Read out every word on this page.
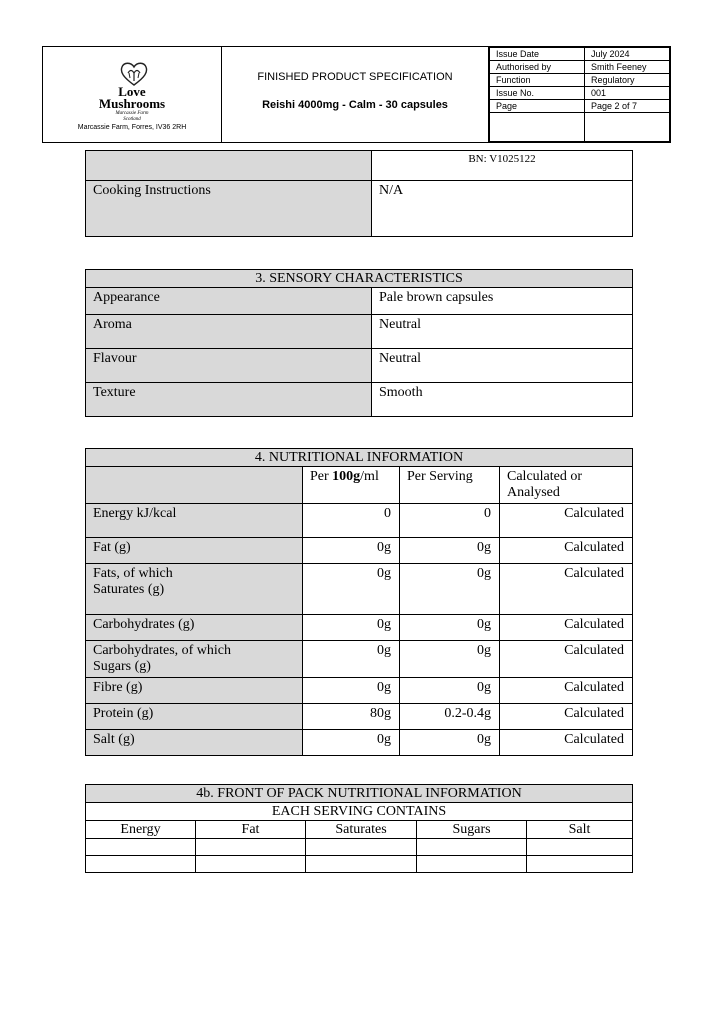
Love
Mushrooms
Marcassie Farm
Scotland
Marcassie Farm, Forres, IV36 2RH

FINISHED PRODUCT SPECIFICATION
Reishi 4000mg - Calm - 30 capsules

Issue Date	July 2024
Authorised by	Smith Feeney
Function	Regulatory
Issue No.	001
Page	Page 2 of 7

	BN: V1025122
Cooking Instructions	N/A
3. SENSORY CHARACTERISTICS	
Appearance	Pale brown capsules
Aroma	Neutral
Flavour	Neutral
Texture	Smooth
4. NUTRITIONAL INFORMATION			
	Per 100g/ml	Per Serving	Calculated or
Analysed

Energy kJ/kcal	0	0	Calculated

Fat (g)	0g	0g	Calculated

Fats, of which
Saturates (g)	0g	0g	Calculated

Carbohydrates (g)	0g	0g	Calculated

Carbohydrates, of which
Sugars (g)	0g	0g	Calculated

Fibre (g)	0g	0g	Calculated

Protein (g)	80g	0.2-0.4g	Calculated

Salt (g)	0g	0g	Calculated
4b. FRONT OF PACK NUTRITIONAL INFORMATION				
EACH SERVING CONTAINS				
Energy	Fat	Saturates	Sugars	Salt
